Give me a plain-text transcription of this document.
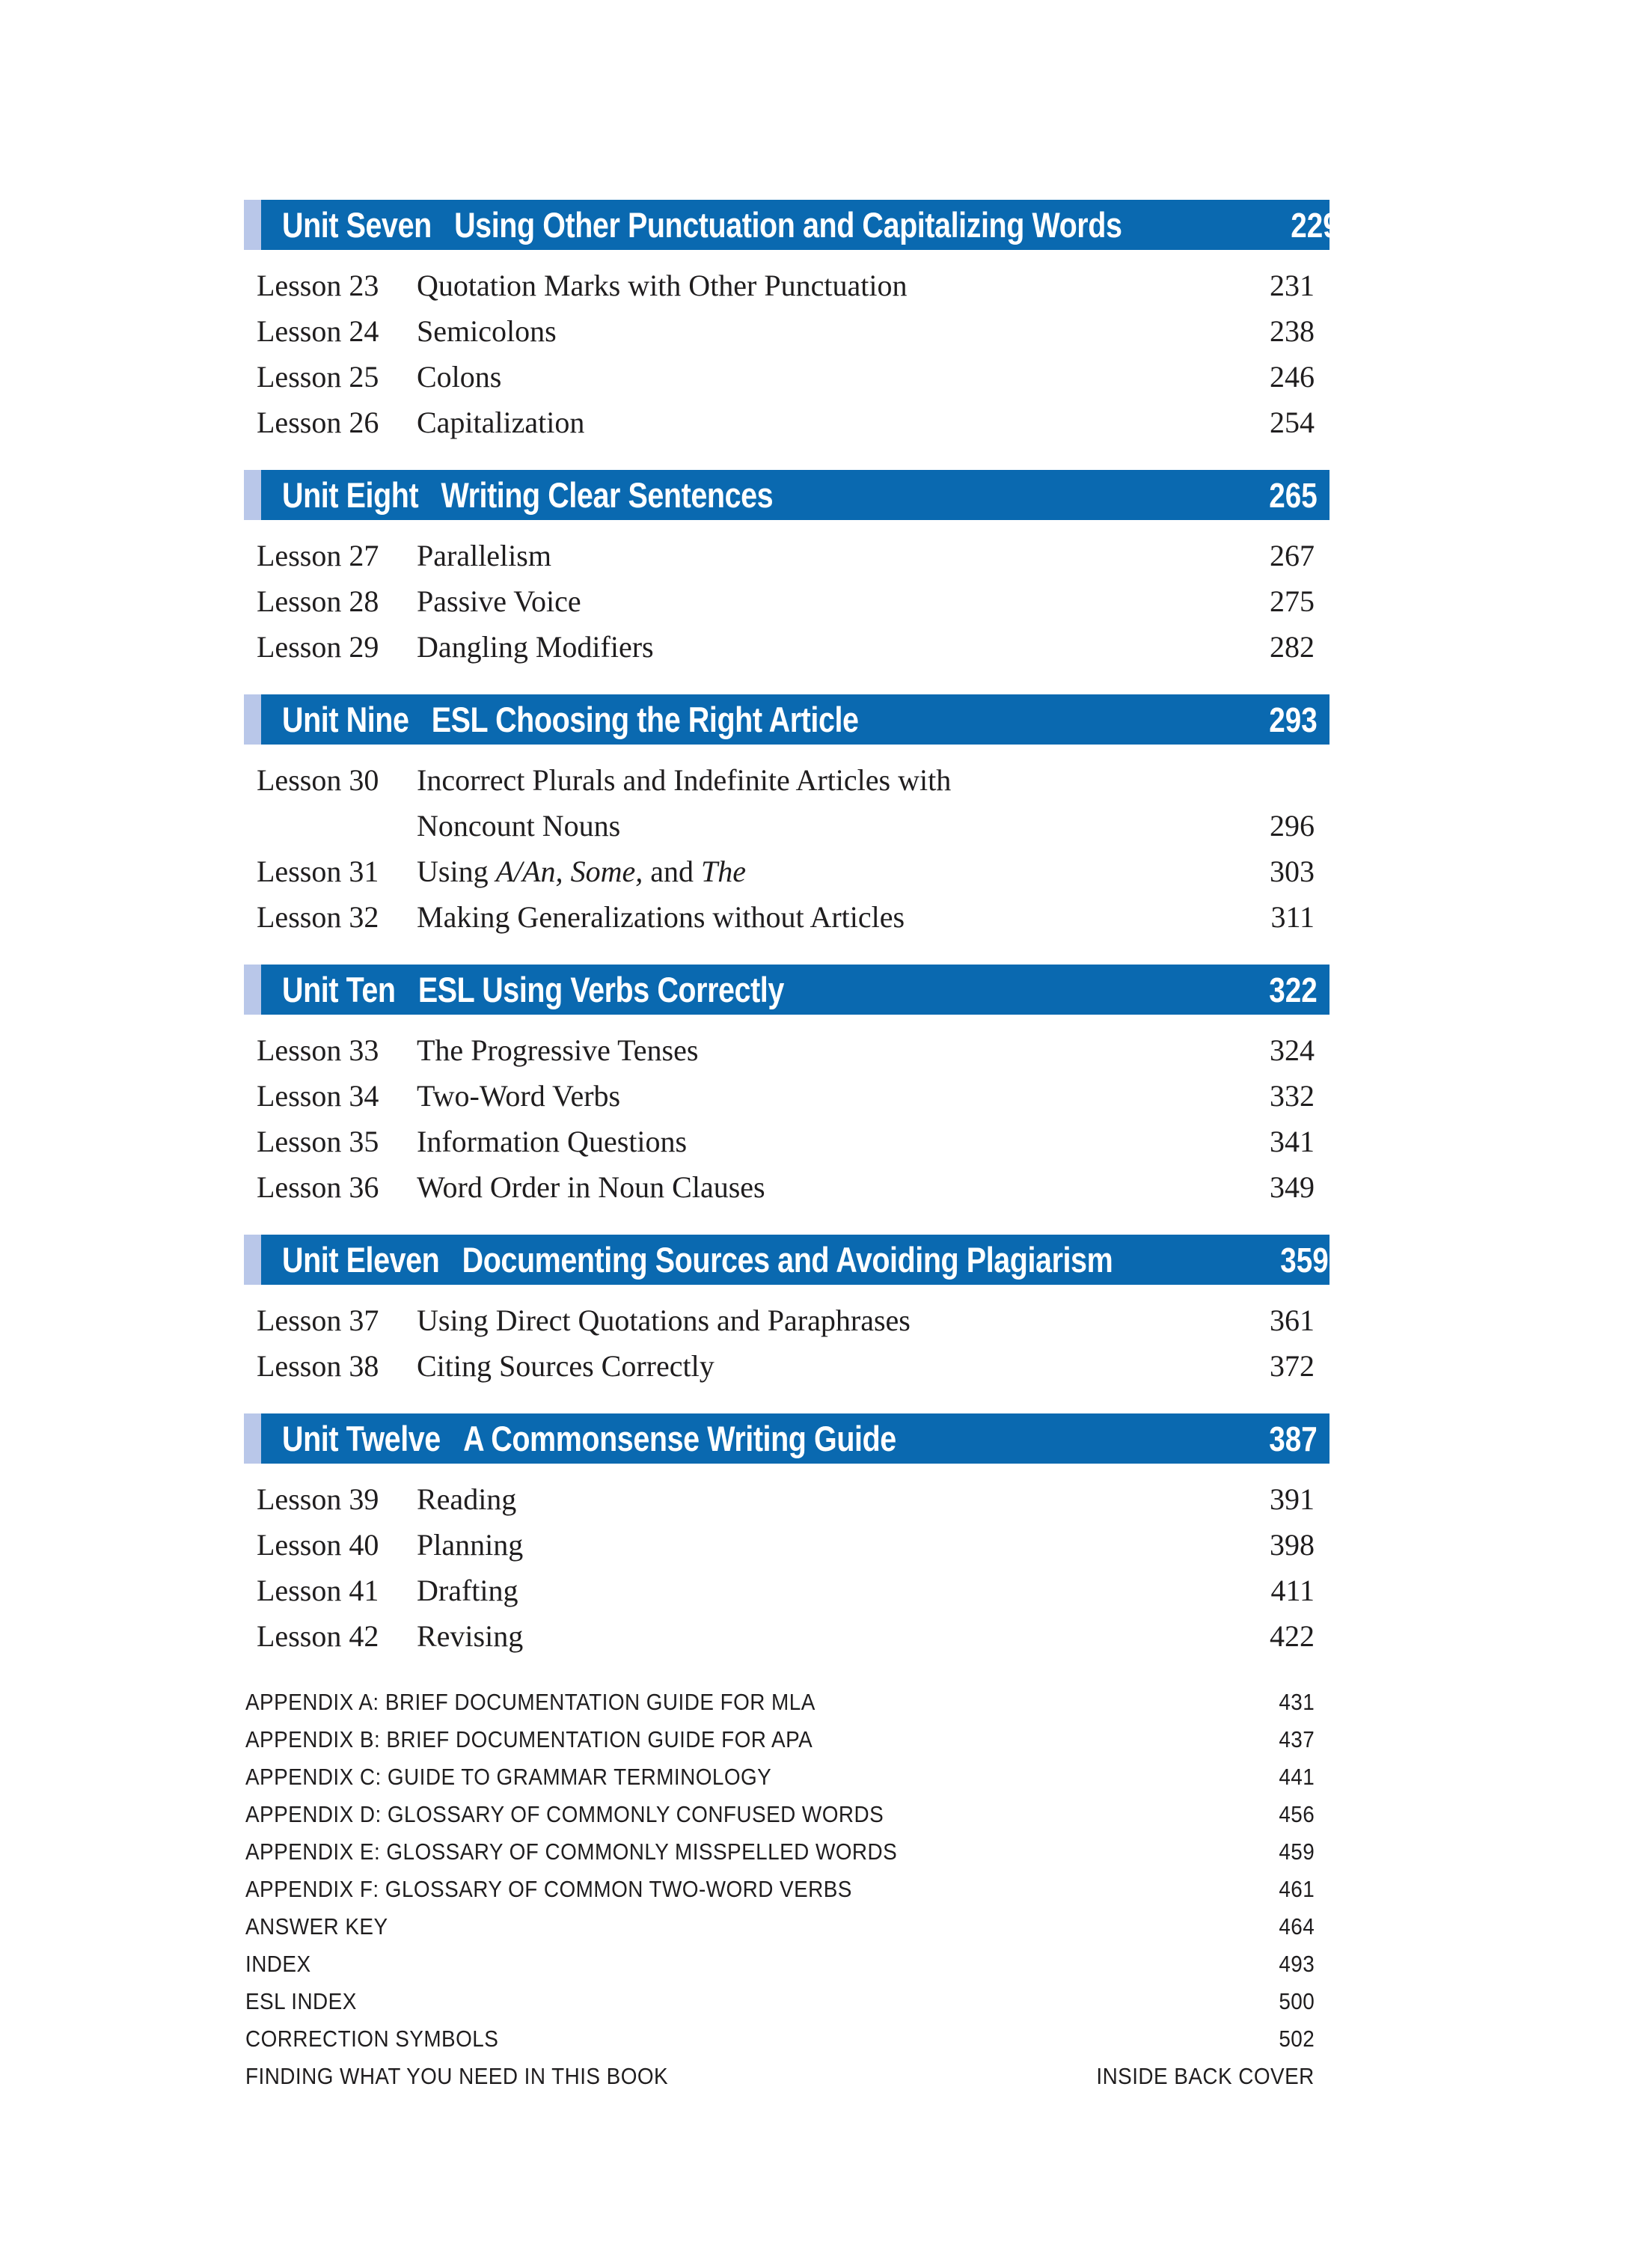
Unit Seven Using Other Punctuation and Capitalizing Words	229
Lesson 23	Quotation Marks with Other Punctuation	231
Lesson 24	Semicolons	238
Lesson 25	Colons	246
Lesson 26	Capitalization	254
Unit Eight Writing Clear Sentences	265
Lesson 27	Parallelism	267
Lesson 28	Passive Voice	275
Lesson 29	Dangling Modifiers	282
Unit Nine ESL Choosing the Right Article	293
Lesson 30	Incorrect Plurals and Indefinite Articles with
Noncount Nouns	296
Lesson 31	Using A/An, Some, and The	303
Lesson 32	Making Generalizations without Articles	311
Unit Ten ESL Using Verbs Correctly	322
Lesson 33	The Progressive Tenses	324
Lesson 34	Two-Word Verbs	332
Lesson 35	Information Questions	341
Lesson 36	Word Order in Noun Clauses	349
Unit Eleven Documenting Sources and Avoiding Plagiarism	359
Lesson 37	Using Direct Quotations and Paraphrases	361
Lesson 38	Citing Sources Correctly	372
Unit Twelve A Commonsense Writing Guide	387
Lesson 39	Reading	391
Lesson 40	Planning	398
Lesson 41	Drafting	411
Lesson 42	Revising	422
APPENDIX A: BRIEF DOCUMENTATION GUIDE FOR MLA	431
APPENDIX B: BRIEF DOCUMENTATION GUIDE FOR APA	437
APPENDIX C: GUIDE TO GRAMMAR TERMINOLOGY	441
APPENDIX D: GLOSSARY OF COMMONLY CONFUSED WORDS	456
APPENDIX E: GLOSSARY OF COMMONLY MISSPELLED WORDS	459
APPENDIX F: GLOSSARY OF COMMON TWO-WORD VERBS	461
ANSWER KEY	464
INDEX	493
ESL INDEX	500
CORRECTION SYMBOLS	502
FINDING WHAT YOU NEED IN THIS BOOK	INSIDE BACK COVER
